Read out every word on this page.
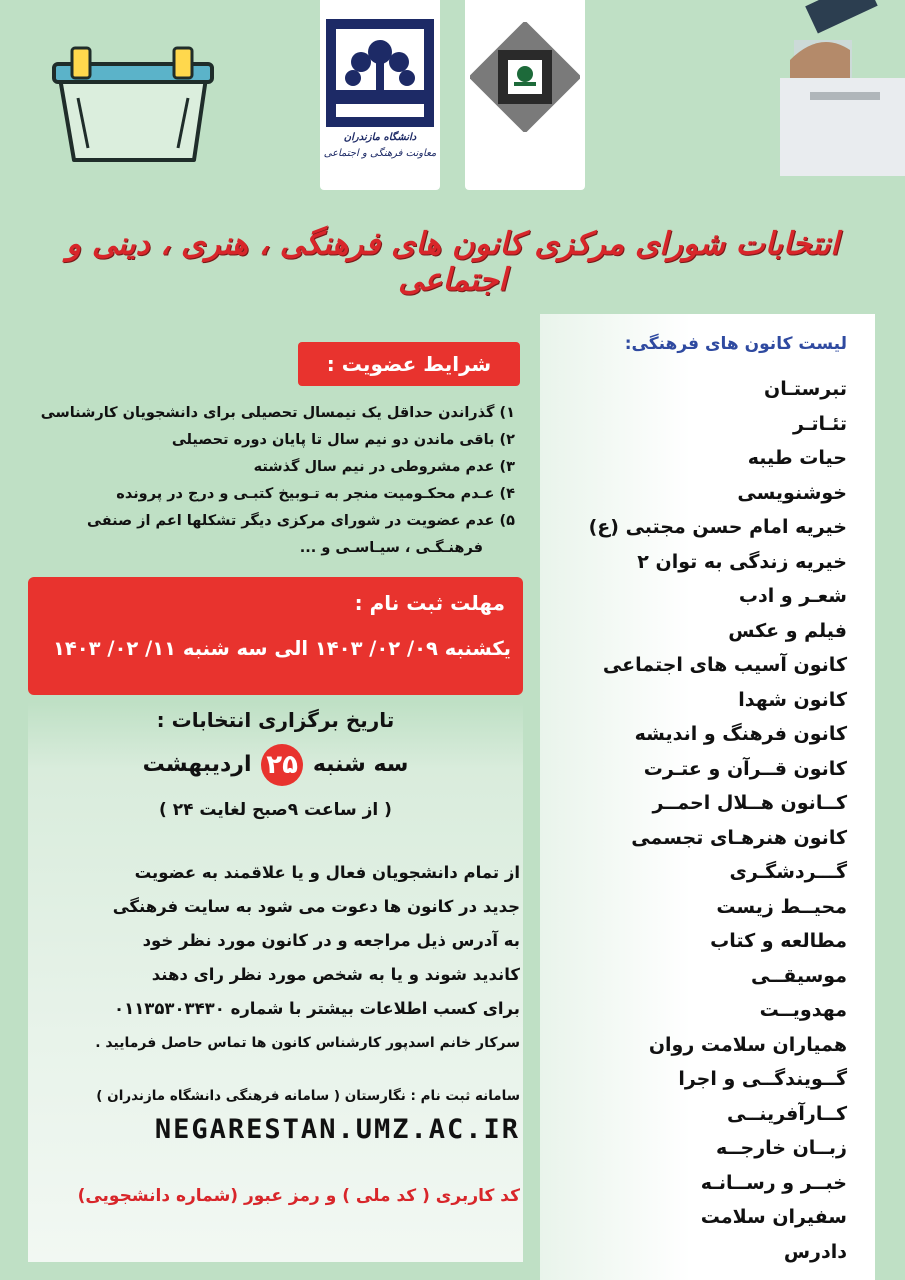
دانشگاه مازندران
معاونت فرهنگی و اجتماعی
انتخابات شورای مرکزی کانون های فرهنگی ، هنری ، دینی و اجتماعی
لیست کانون های فرهنگی:
تبرستـان
تئـاتـر
حیات طیبه
خوشنویسی
خیریه امام حسن مجتبی (ع)
خیریه زندگی به توان ۲
شعـر و ادب
فیلم و عکس
کانون آسیب های اجتماعی
کانون شهدا
کانون فرهنگ و اندیشه
کانون قــرآن و عتـرت
کــانون هــلال احمــر
کانون هنرهـای تجسمی
گـــردشگـری
محیــط زیست
مطالعه و کتاب
موسیقــی
مهدویــت
همیاران سلامت روان
گــویندگــی و اجرا
کــارآفرینــی
زبــان خارجــه
خبــر و رســانـه
سفیران سلامت
دادرس
شرایط عضویت :
۱) گذراندن حداقل یک نیمسال تحصیلی برای دانشجویان کارشناسی
۲) باقی ماندن دو نیم سال تا پایان دوره تحصیلی
۳) عدم مشروطی در نیم سال گذشته
۴) عـدم محکـومیت منجر به تـوبیخ کتبـی و درج در پرونده
۵) عدم عضویت در شورای مرکزی دیگر تشکلها اعم از صنفی
فرهنـگـی ، سیـاسـی و ...
مهلت ثبت نام :
یکشنبه ۰۹/ ۰۲/ ۱۴۰۳ الی سه شنبه ۱۱/ ۰۲/ ۱۴۰۳
تاریخ برگزاری انتخابات :
سه شنبه ۲۵ اردیبهشت
( از ساعت ۹صبح لغایت ۲۴ )
از تمام دانشجویان فعال و یا علاقمند به عضویت
جدید در کانون ها دعوت می شود به سایت فرهنگی
به آدرس ذیل مراجعه و در کانون مورد نظر خود
کاندید شوند و یا به شخص مورد نظر رای دهند
برای کسب اطلاعات بیشتر با شماره ۰۱۱۳۵۳۰۳۴۳۰
سرکار خانم اسدپور کارشناس کانون ها تماس حاصل فرمایید .
سامانه ثبت نام : نگارستان ( سامانه فرهنگی دانشگاه مازندران )
NEGARESTAN.UMZ.AC.IR
کد کاربری ( کد ملی ) و رمز عبور (شماره دانشجویی)
